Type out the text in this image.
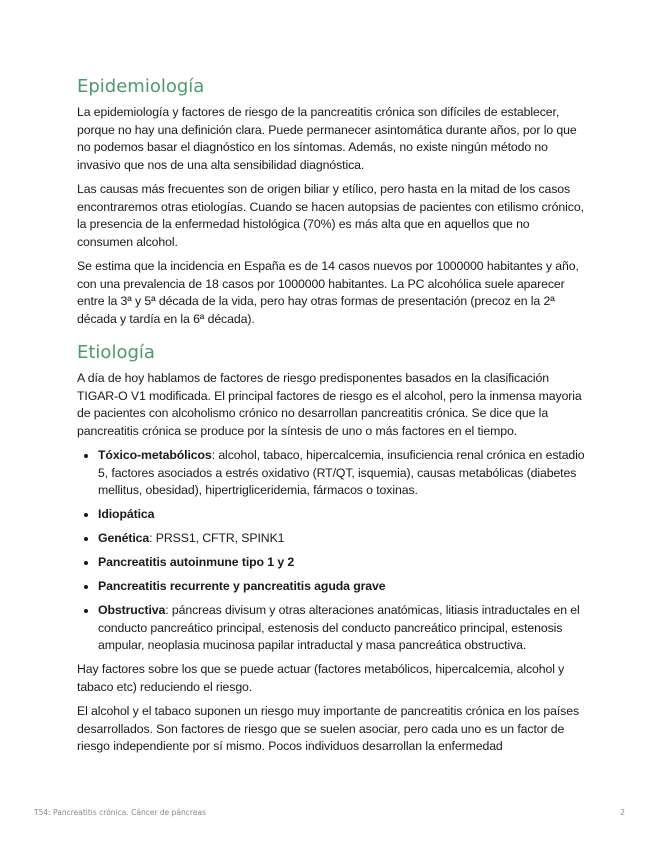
Epidemiología

La epidemiología y factores de riesgo de la pancreatitis crónica son difíciles de establecer, porque no hay una definición clara. Puede permanecer asintomática durante años, por lo que no podemos basar el diagnóstico en los síntomas. Además, no existe ningún método no invasivo que nos de una alta sensibilidad diagnóstica.

Las causas más frecuentes son de origen biliar y etílico, pero hasta en la mitad de los casos encontraremos otras etiologías. Cuando se hacen autopsias de pacientes con etilismo crónico, la presencia de la enfermedad histológica (70%) es más alta que en aquellos que no consumen alcohol.

Se estima que la incidencia en España es de 14 casos nuevos por 1000000 habitantes y año, con una prevalencia de 18 casos por 1000000 habitantes. La PC alcohólica suele aparecer entre la 3ª y 5ª década de la vida, pero hay otras formas de presentación (precoz en la 2ª década y tardía en la 6ª década).

Etiología

A día de hoy hablamos de factores de riesgo predisponentes basados en la clasificación TIGAR-O V1 modificada. El principal factores de riesgo es el alcohol, pero la inmensa mayoria de pacientes con alcoholismo crónico no desarrollan pancreatitis crónica. Se dice que la pancreatitis crónica se produce por la síntesis de uno o más factores en el tiempo.

Tóxico-metabólicos: alcohol, tabaco, hipercalcemia, insuficiencia renal crónica en estadio 5, factores asociados a estrés oxidativo (RT/QT, isquemia), causas metabólicas (diabetes mellitus, obesidad), hipertrigliceridemia, fármacos o toxinas.
Idiopática
Genética: PRSS1, CFTR, SPINK1
Pancreatitis autoinmune tipo 1 y 2
Pancreatitis recurrente y pancreatitis aguda grave
Obstructiva: páncreas divisum y otras alteraciones anatómicas, litiasis intraductales en el conducto pancreático principal, estenosis del conducto pancreático principal, estenosis ampular, neoplasia mucinosa papilar intraductal y masa pancreática obstructiva.

Hay factores sobre los que se puede actuar (factores metabólicos, hipercalcemia, alcohol y tabaco etc) reduciendo el riesgo.

El alcohol y el tabaco suponen un riesgo muy importante de pancreatitis crónica en los países desarrollados. Son factores de riesgo que se suelen asociar, pero cada uno es un factor de riesgo independiente por sí mismo. Pocos individuos desarrollan la enfermedad

T54: Pancreatitis crónica. Cáncer de páncreas	2
